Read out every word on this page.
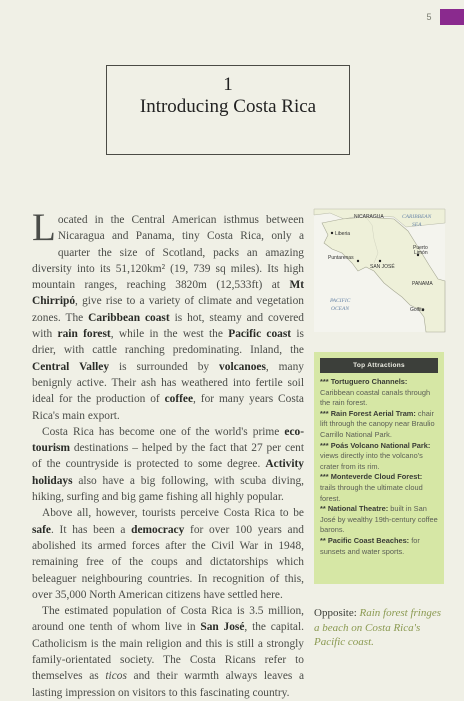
5
1
Introducing Costa Rica

Located in the Central American isthmus between Nicaragua and Panama, tiny Costa Rica, only a quarter the size of Scotland, packs an amazing diversity into its 51,120km² (19, 739 sq miles). Its high mountain ranges, reaching 3820m (12,533ft) at Mt Chirripó, give rise to a variety of climate and vegetation zones. The Caribbean coast is hot, steamy and covered with rain forest, while in the west the Pacific coast is drier, with cattle ranching predominating. Inland, the Central Valley is surrounded by volcanoes, many benignly active. Their ash has weathered into fertile soil ideal for the production of coffee, for many years Costa Rica's main export.

Costa Rica has become one of the world's prime eco-tourism destinations – helped by the fact that 27 per cent of the countryside is protected to some degree. Activity holidays also have a big following, with scuba diving, hiking, surfing and big game fishing all highly popular.

Above all, however, tourists perceive Costa Rica to be safe. It has been a democracy for over 100 years and abolished its armed forces after the Civil War in 1948, remaining free of the coups and dictatorships which beleaguer neighbouring countries. In recognition of this, over 35,000 North American citizens have settled here.

The estimated population of Costa Rica is 3.5 million, around one tenth of whom live in San José, the capital. Catholicism is the main religion and this is still a strongly family-orientated society. The Costa Ricans refer to themselves as ticos and their warmth always leaves a lasting impression on visitors to this fascinating country.

NICARAGUA	CARIBBEAN
SEA
Liberia
Puntarenas
SAN JOSÉ
Puerto
Limón
PANAMA
PACIFIC
OCEAN	Golfito
Top Attractions
*** Tortuguero Channels: Caribbean coastal canals through the rain forest.
*** Rain Forest Aerial Tram: chair lift through the canopy near Braulio Carrillo National Park.
*** Poás Volcano National Park: views directly into the volcano's crater from its rim.
*** Monteverde Cloud Forest: trails through the ultimate cloud forest.
** National Theatre: built in San José by wealthy 19th-century coffee barons.
** Pacific Coast Beaches: for sunsets and water sports.
Opposite: Rain forest fringes a beach on Costa Rica's Pacific coast.
